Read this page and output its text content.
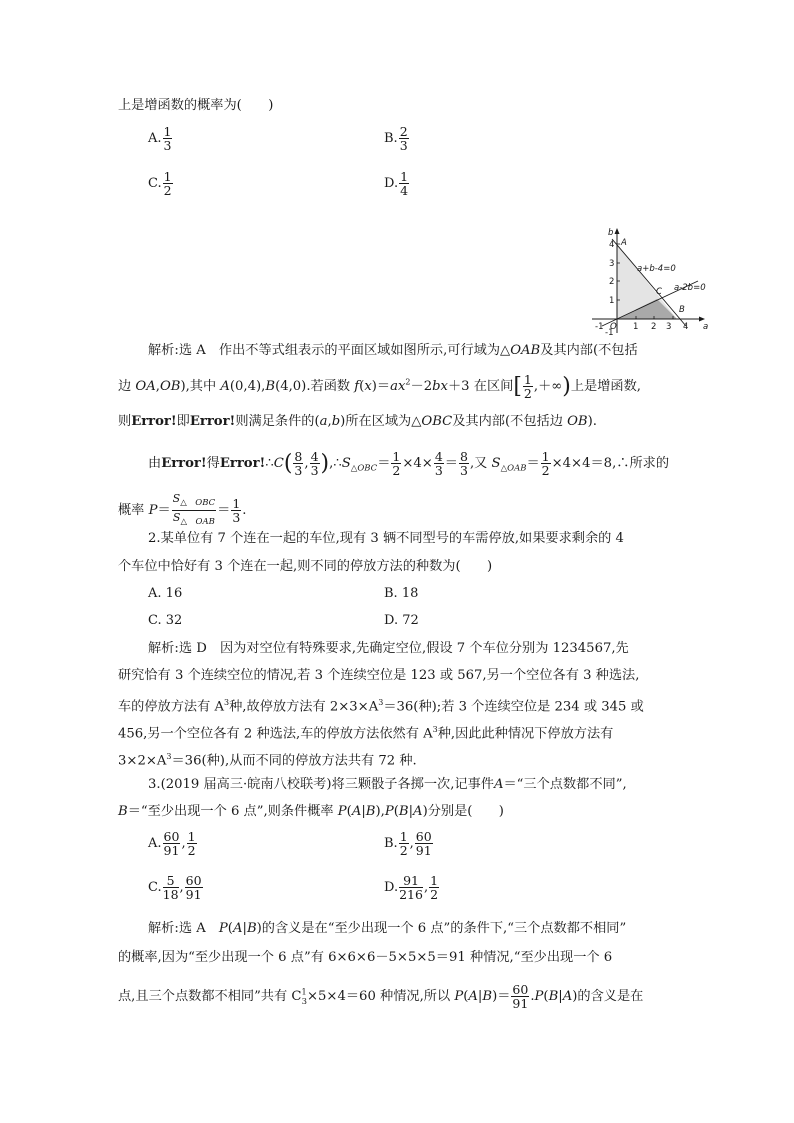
上是增函数的概率为(　　)
A. $\frac{1}{3}$	B. $\frac{2}{3}$
C. $\frac{1}{2}$	D. $\frac{1}{4}$
b
a
4
3
2
1
-1
-1 O 1 2 3 4
A
C
B
a+b-4=0
a-2b=0
解析:选 A　作出不等式组表示的平面区域如图所示,可行域为△OAB及其内部(不包括
边 OA,OB),其中 A(0,4),B(4,0).若函数 $f(x)=ax^2-2bx+3$ 在区间[ $\frac{1}{2}$ ,＋∞)上是增函数,
则Error!即Error!则满足条件的(a,b)所在区域为△OBC及其内部(不包括边 OB).
由Error!得Error!∴C( $\frac{8}{3}$ , $\frac{4}{3}$ )$,\therefore S_{\triangle OBC}= \frac{1}{2} \times 4\times \frac{4}{3} = \frac{8}{3}$ ,又 $S_{\triangle OAB}= \frac{1}{2}$ ×4×4＝8,∴所求的
概率 $P= \frac{S_\triangle _{OBC}}{S_\triangle _{OAB}} = \frac{1}{3}$ .
2.某单位有 7 个连在一起的车位,现有 3 辆不同型号的车需停放,如果要求剩余的 4
个车位中恰好有 3 个连在一起,则不同的停放方法的种数为(　　)
A. 16	B. 18
C. 32	D. 72
解析:选 D　因为对空位有特殊要求,先确定空位,假设 7 个车位分别为 1234567,先
研究恰有 3 个连续空位的情况,若 3 个连续空位是 123 或 567,另一个空位各有 3 种选法,
车的停放方法有 $A^3$种,故停放方法有 $2\times 3\times A^3=36$(种);若 3 个连续空位是 234 或 345 或
456,另一个空位各有 2 种选法,车的停放方法依然有 $A^3$种,因此此种情况下停放方法有
$3\times 2\times A^3=36$(种),从而不同的停放方法共有 72 种.
3.(2019 届高三·皖南八校联考)将三颗骰子各掷一次,记事件A＝“三个点数都不同”,
B＝“至少出现一个 6 点”,则条件概率 P(A|B),P(B|A)分别是(　　)
A. $\frac{60}{91}$ , $\frac{1}{2}$	B. $\frac{1}{2}$ , $\frac{60}{91}$
C. $\frac{5}{18}$ , $\frac{60}{91}$	D. $\frac{91}{216}$ , $\frac{1}{2}$
解析:选 A　P(A|B)的含义是在“至少出现一个 6 点”的条件下,“三个点数都不相同”
的概率,因为“至少出现一个 6 点”有 6×6×6－5×5×5＝91 种情况,“至少出现一个 6
点,且三个点数都不相同”共有 $C^1_3\times 5\times 4=60$ 种情况,所以 $P(A|B)= \frac{60}{91} .P(B|A)$的含义是在
